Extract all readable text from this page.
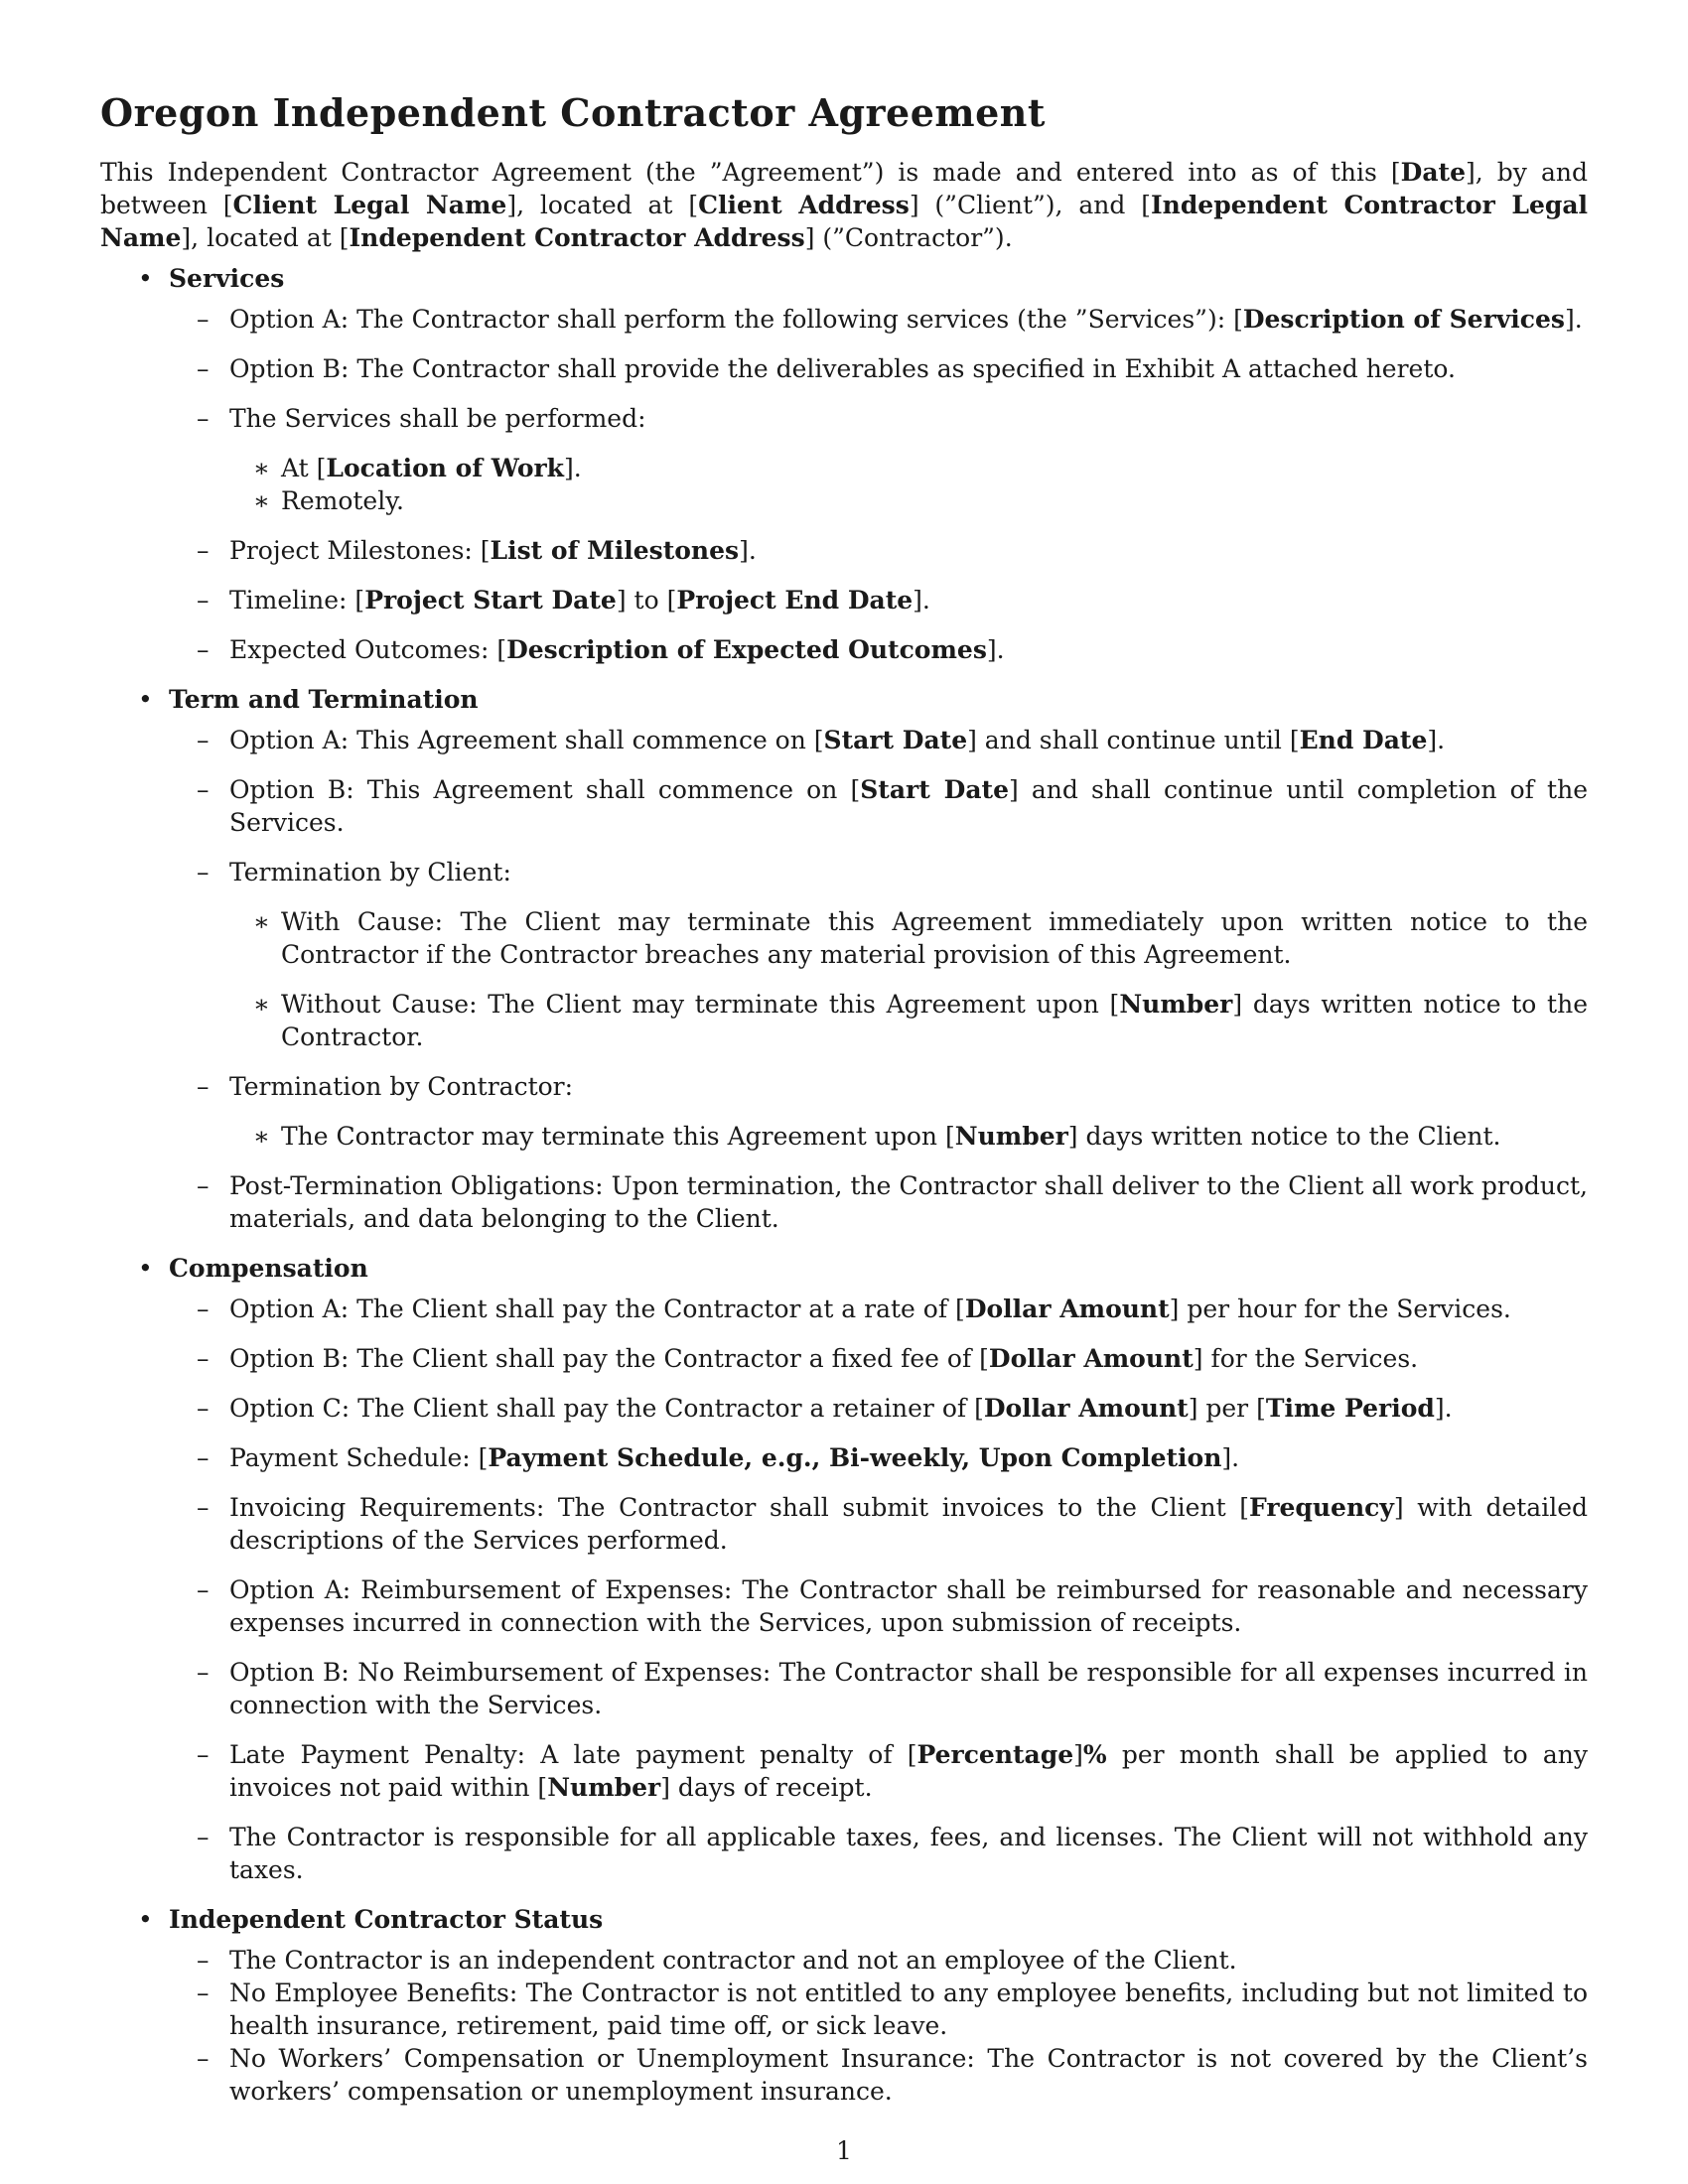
Oregon Independent Contractor Agreement

This Independent Contractor Agreement (the ”Agreement”) is made and entered into as of this [Date], by and between [Client Legal Name], located at [Client Address] (”Client”), and [Independent Contractor Legal Name], located at [Independent Contractor Address] (”Contractor”).

• Services
– Option A: The Contractor shall perform the following services (the ”Services”): [Description of Services].
– Option B: The Contractor shall provide the deliverables as specified in Exhibit A attached hereto.
– The Services shall be performed:
∗ At [Location of Work].
∗ Remotely.
– Project Milestones: [List of Milestones].
– Timeline: [Project Start Date] to [Project End Date].
– Expected Outcomes: [Description of Expected Outcomes].
• Term and Termination
– Option A: This Agreement shall commence on [Start Date] and shall continue until [End Date].
– Option B: This Agreement shall commence on [Start Date] and shall continue until completion of the Services.
– Termination by Client:
∗ With Cause: The Client may terminate this Agreement immediately upon written notice to the Contractor if the Contractor breaches any material provision of this Agreement.
∗ Without Cause: The Client may terminate this Agreement upon [Number] days written notice to the Contractor.
– Termination by Contractor:
∗ The Contractor may terminate this Agreement upon [Number] days written notice to the Client.
– Post-Termination Obligations: Upon termination, the Contractor shall deliver to the Client all work product, materials, and data belonging to the Client.
• Compensation
– Option A: The Client shall pay the Contractor at a rate of [Dollar Amount] per hour for the Services.
– Option B: The Client shall pay the Contractor a fixed fee of [Dollar Amount] for the Services.
– Option C: The Client shall pay the Contractor a retainer of [Dollar Amount] per [Time Period].
– Payment Schedule: [Payment Schedule, e.g., Bi-weekly, Upon Completion].
– Invoicing Requirements: The Contractor shall submit invoices to the Client [Frequency] with detailed descriptions of the Services performed.
– Option A: Reimbursement of Expenses: The Contractor shall be reimbursed for reasonable and necessary expenses incurred in connection with the Services, upon submission of receipts.
– Option B: No Reimbursement of Expenses: The Contractor shall be responsible for all expenses incurred in connection with the Services.
– Late Payment Penalty: A late payment penalty of [Percentage]% per month shall be applied to any invoices not paid within [Number] days of receipt.
– The Contractor is responsible for all applicable taxes, fees, and licenses. The Client will not withhold any taxes.
• Independent Contractor Status
– The Contractor is an independent contractor and not an employee of the Client.
– No Employee Benefits: The Contractor is not entitled to any employee benefits, including but not limited to health insurance, retirement, paid time off, or sick leave.
– No Workers’ Compensation or Unemployment Insurance: The Contractor is not covered by the Client’s workers’ compensation or unemployment insurance.
1
